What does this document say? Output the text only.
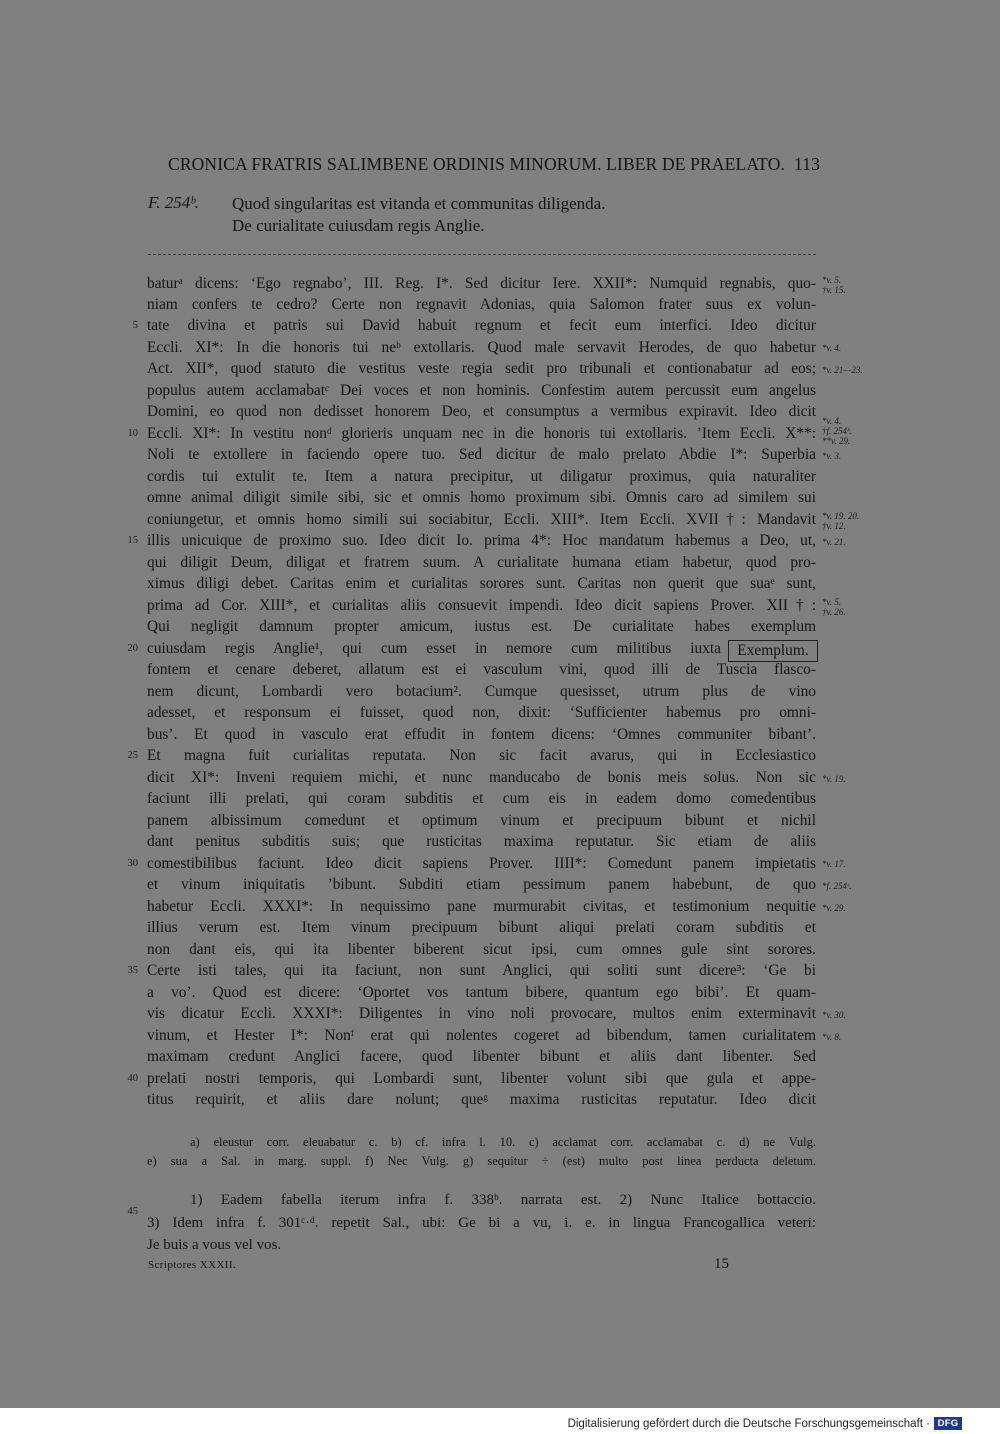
CRONICA FRATRIS SALIMBENE ORDINIS MINORUM. LIBER DE PRAELATO. 113
F. 254ᵇ. Quod singularitas est vitanda et communitas diligenda.
De curialitate cuiusdam regis Anglie.
baturᵃ dicens: ‘Ego regnabo’, III. Reg. I*. Sed dicitur Iere. XXII*: Numquid regnabis, quo-
niam confers te cedro? Certe non regnavit Adonias, quia Salomon frater suus ex volun-
tate divina et patris sui David habuit regnum et fecit eum interfici. Ideo dicitur
Eccli. XI*: In die honoris tui neᵇ extollaris. Quod male servavit Herodes, de quo habetur
Act. XII*, quod statuto die vestitus veste regia sedit pro tribunali et contionabatur ad eos;
populus autem acclamabatᶜ Dei voces et non hominis. Confestim autem percussit eum angelus
Domini, eo quod non dedisset honorem Deo, et consumptus a vermibus expiravit. Ideo dicit
Eccli. XI*: In vestitu nonᵈ glorieris unquam nec in die honoris tui extollaris. ’Item Eccli. X**:
Noli te extollere in faciendo opere tuo. Sed dicitur de malo prelato Abdie I*: Superbia
cordis tui extulit te. Item a natura precipitur, ut diligatur proximus, quia naturaliter
omne animal diligit simile sibi, sic et omnis homo proximum sibi. Omnis caro ad similem sui
coniungetur, et omnis homo simili sui sociabitur, Eccli. XIII*. Item Eccli. XVII†: Mandavit
illis unicuique de proximo suo. Ideo dicit Io. prima 4*: Hoc mandatum habemus a Deo, ut,
qui diligit Deum, diligat et fratrem suum. A curialitate humana etiam habetur, quod pro-
ximus diligi debet. Caritas enim et curialitas sorores sunt. Caritas non querit que suaᵉ sunt,
prima ad Cor. XIII*, et curialitas aliis consuevit impendi. Ideo dicit sapiens Prover. XII†:
Qui negligit damnum propter amicum, iustus est. De curialitate habes exemplum
cuiusdam regis Anglie¹, qui cum esset in nemore cum militibus iuxta
fontem et cenare deberet, allatum est ei vasculum vini, quod illi de Tuscia flasco-
nem dicunt, Lombardi vero botacium². Cumque quesisset, utrum plus de vino
adesset, et responsum ei fuisset, quod non, dixit: ‘Sufficienter habemus pro omni-
bus’. Et quod in vasculo erat effudit in fontem dicens: ‘Omnes communiter bibant’.
Et magna fuit curialitas reputata. Non sic facit avarus, qui in Ecclesiastico
dicit XI*: Inveni requiem michi, et nunc manducabo de bonis meis solus. Non sic
faciunt illi prelati, qui coram subditis et cum eis in eadem domo comedentibus
panem albissimum comedunt et optimum vinum et precipuum bibunt et nichil
dant penitus subditis suis; que rusticitas maxima reputatur. Sic etiam de aliis
comestibilibus faciunt. Ideo dicit sapiens Prover. IIII*: Comedunt panem impietatis
et vinum iniquitatis ’bibunt. Subditi etiam pessimum panem habebunt, de quo
habetur Eccli. XXXI*: In nequissimo pane murmurabit civitas, et testimonium nequitie
illius verum est. Item vinum precipuum bibunt aliqui prelati coram subditis et
non dant eis, qui ita libenter biberent sicut ipsi, cum omnes gule sint sorores.
Certe isti tales, qui ita faciunt, non sunt Anglici, qui soliti sunt dicere³: ‘Ge bi
a vo’. Quod est dicere: ‘Oportet vos tantum bibere, quantum ego bibi’. Et quam-
vis dicatur Eccli. XXXI*: Diligentes in vino noli provocare, multos enim exterminavit
vinum, et Hester I*: Nonᶠ erat qui nolentes cogeret ad bibendum, tamen curialitatem
maximam credunt Anglici facere, quod libenter bibunt et aliis dant libenter. Sed
prelati nostri temporis, qui Lombardi sunt, libenter volunt sibi que gula et appe-
titus requirit, et aliis dare nolunt; queᵍ maxima rusticitas reputatur. Ideo dicit
Exemplum.
5
10
15
20
25
30
35
40
45
*v. 5.
†v. 15.
*v. 4.
*v. 21—23.
*v. 4.
†f. 254ᵇ.
**v. 29.
*v. 3.
*v. 19. 20.
†v. 12.
*v. 21.
*v. 5.
†v. 26.
*v. 19.
*v. 17.
*f. 254ᶜ.
*v. 29.
*v. 30.
*v. 8.
a) eleustur corr. eleuabatur c. b) cf. infra l. 10. c) acclamat corr. acclamabat c. d) ne Vulg.
e) sua a Sal. in marg. suppl. f) Nec Vulg. g) sequitur ÷ (est) multo post linea perducta deletum.
1) Eadem fabella iterum infra f. 338ᵇ. narrata est. 2) Nunc Italice bottaccio.
3) Idem infra f. 301ᶜ·ᵈ. repetit Sal., ubi: Ge bi a vu, i. e. in lingua Francogallica veteri:
Je buis a vous vel vos.
Scriptores XXXII.	15
Digitalisierung gefördert durch die Deutsche Forschungsgemeinschaft · DFG
